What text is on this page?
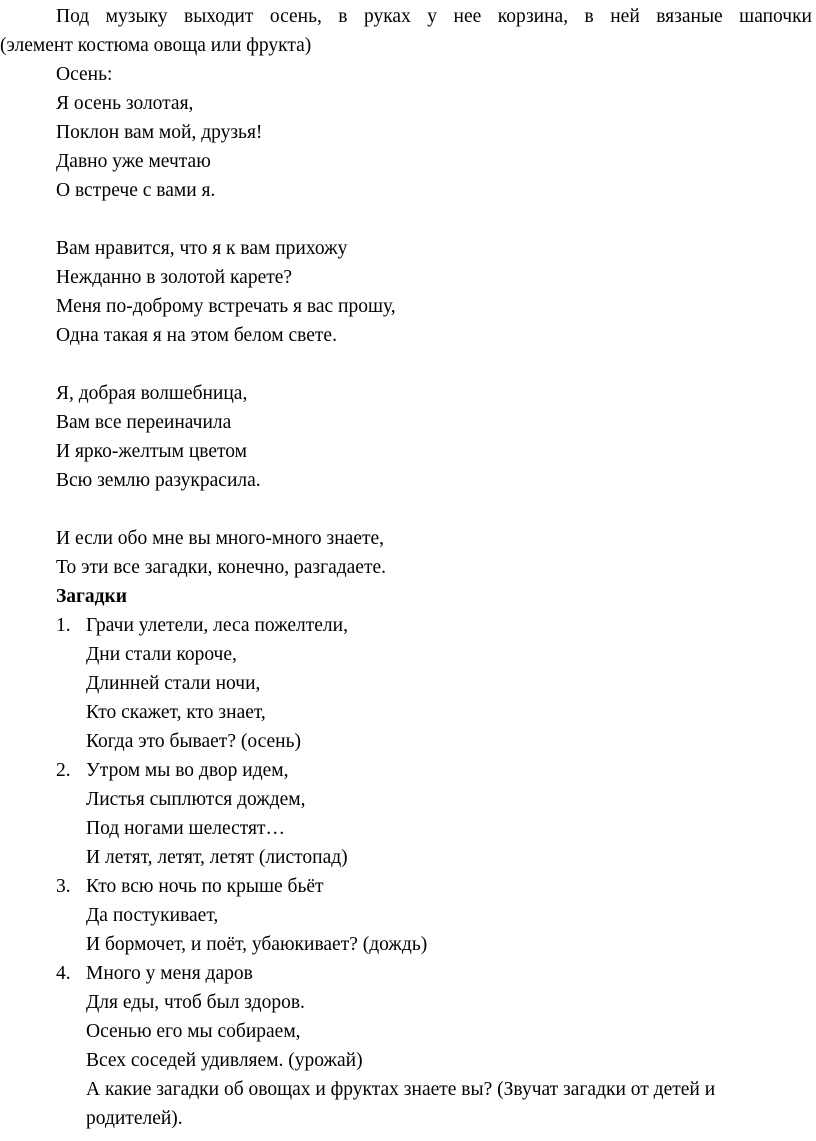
Под музыку выходит осень, в руках у нее корзина, в ней вязаные шапочки
(элемент костюма овоща или фрукта)
Осень:
Я осень золотая,
Поклон вам мой, друзья!
Давно уже мечтаю
О встрече с вами я.
Вам нравится, что я к вам прихожу
Нежданно в золотой карете?
Меня по-доброму встречать я вас прошу,
Одна такая я на этом белом свете.
Я, добрая волшебница,
Вам все переиначила
И ярко-желтым цветом
Всю землю разукрасила.
И если обо мне вы много-много знаете,
То эти все загадки, конечно, разгадаете.
Загадки
1. Грачи улетели, леса пожелтели,
Дни стали короче,
Длинней стали ночи,
Кто скажет, кто знает,
Когда это бывает? (осень)
2. Утром мы во двор идем,
Листья сыплются дождем,
Под ногами шелестят…
И летят, летят, летят (листопад)
3. Кто всю ночь по крыше бьёт
Да постукивает,
И бормочет, и поёт, убаюкивает? (дождь)
4. Много у меня даров
Для еды, чтоб был здоров.
Осенью его мы собираем,
Всех соседей удивляем. (урожай)
А какие загадки об овощах и фруктах знаете вы? (Звучат загадки от детей и
родителей).
